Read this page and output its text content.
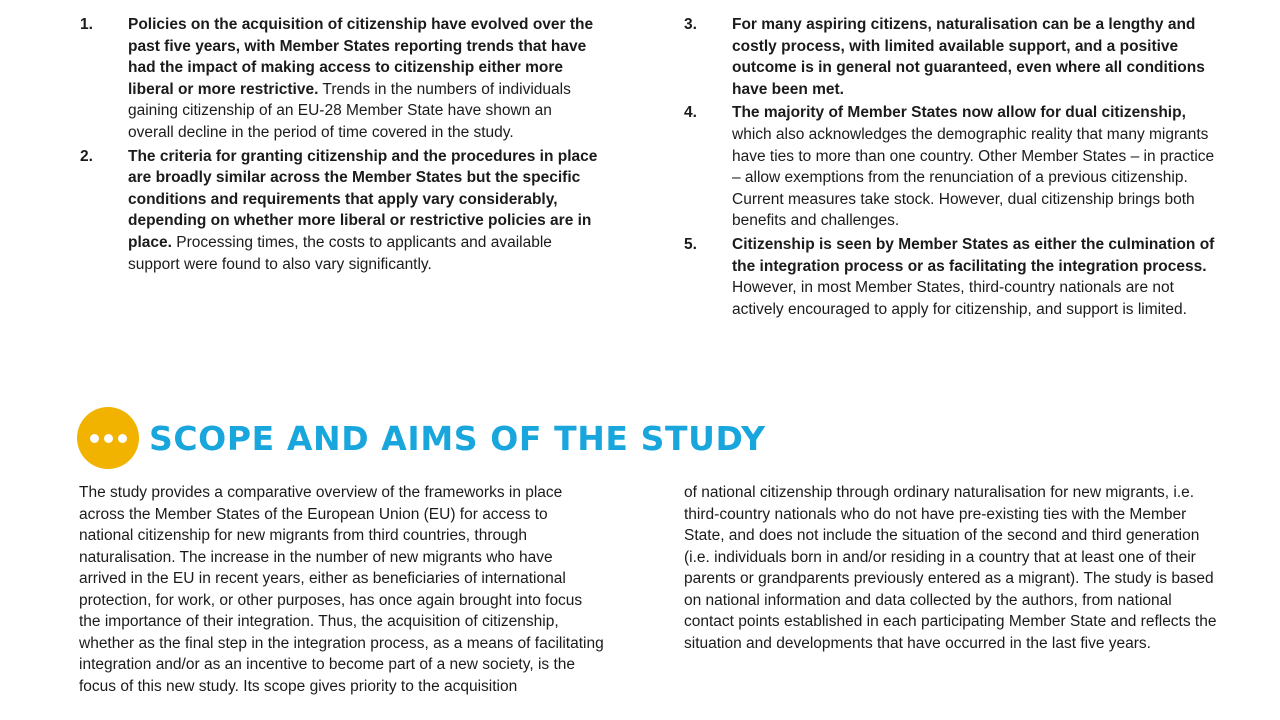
1.	Policies on the acquisition of citizenship have evolved over the past five years, with Member States reporting trends that have had the impact of making access to citizenship either more liberal or more restrictive. Trends in the numbers of individuals gaining citizenship of an EU-28 Member State have shown an overall decline in the period of time covered in the study.
2.	The criteria for granting citizenship and the procedures in place are broadly similar across the Member States but the specific conditions and requirements that apply vary considerably, depending on whether more liberal or restrictive policies are in place. Processing times, the costs to applicants and available support were found to also vary significantly.
3.	For many aspiring citizens, naturalisation can be a lengthy and costly process, with limited available support, and a positive outcome is in general not guaranteed, even where all conditions have been met.
4.	The majority of Member States now allow for dual citizenship, which also acknowledges the demographic reality that many migrants have ties to more than one country. Other Member States – in practice – allow exemptions from the renunciation of a previous citizenship. Current measures take stock. However, dual citizenship brings both benefits and challenges.
5.	Citizenship is seen by Member States as either the culmination of the integration process or as facilitating the integration process. However, in most Member States, third-country nationals are not actively encouraged to apply for citizenship, and support is limited.
SCOPE AND AIMS OF THE STUDY

The study provides a comparative overview of the frameworks in place across the Member States of the European Union (EU) for access to national citizenship for new migrants from third countries, through naturalisation. The increase in the number of new migrants who have arrived in the EU in recent years, either as beneficiaries of international protection, for work, or other purposes, has once again brought into focus the importance of their integration. Thus, the acquisition of citizenship, whether as the final step in the integration process, as a means of facilitating integration and/or as an incentive to become part of a new society, is the focus of this new study. Its scope gives priority to the acquisition

of national citizenship through ordinary naturalisation for new migrants, i.e. third-country nationals who do not have pre-existing ties with the Member State, and does not include the situation of the second and third generation (i.e. individuals born in and/or residing in a country that at least one of their parents or grandparents previously entered as a migrant). The study is based on national information and data collected by the authors, from national contact points established in each participating Member State and reflects the situation and developments that have occurred in the last five years.
